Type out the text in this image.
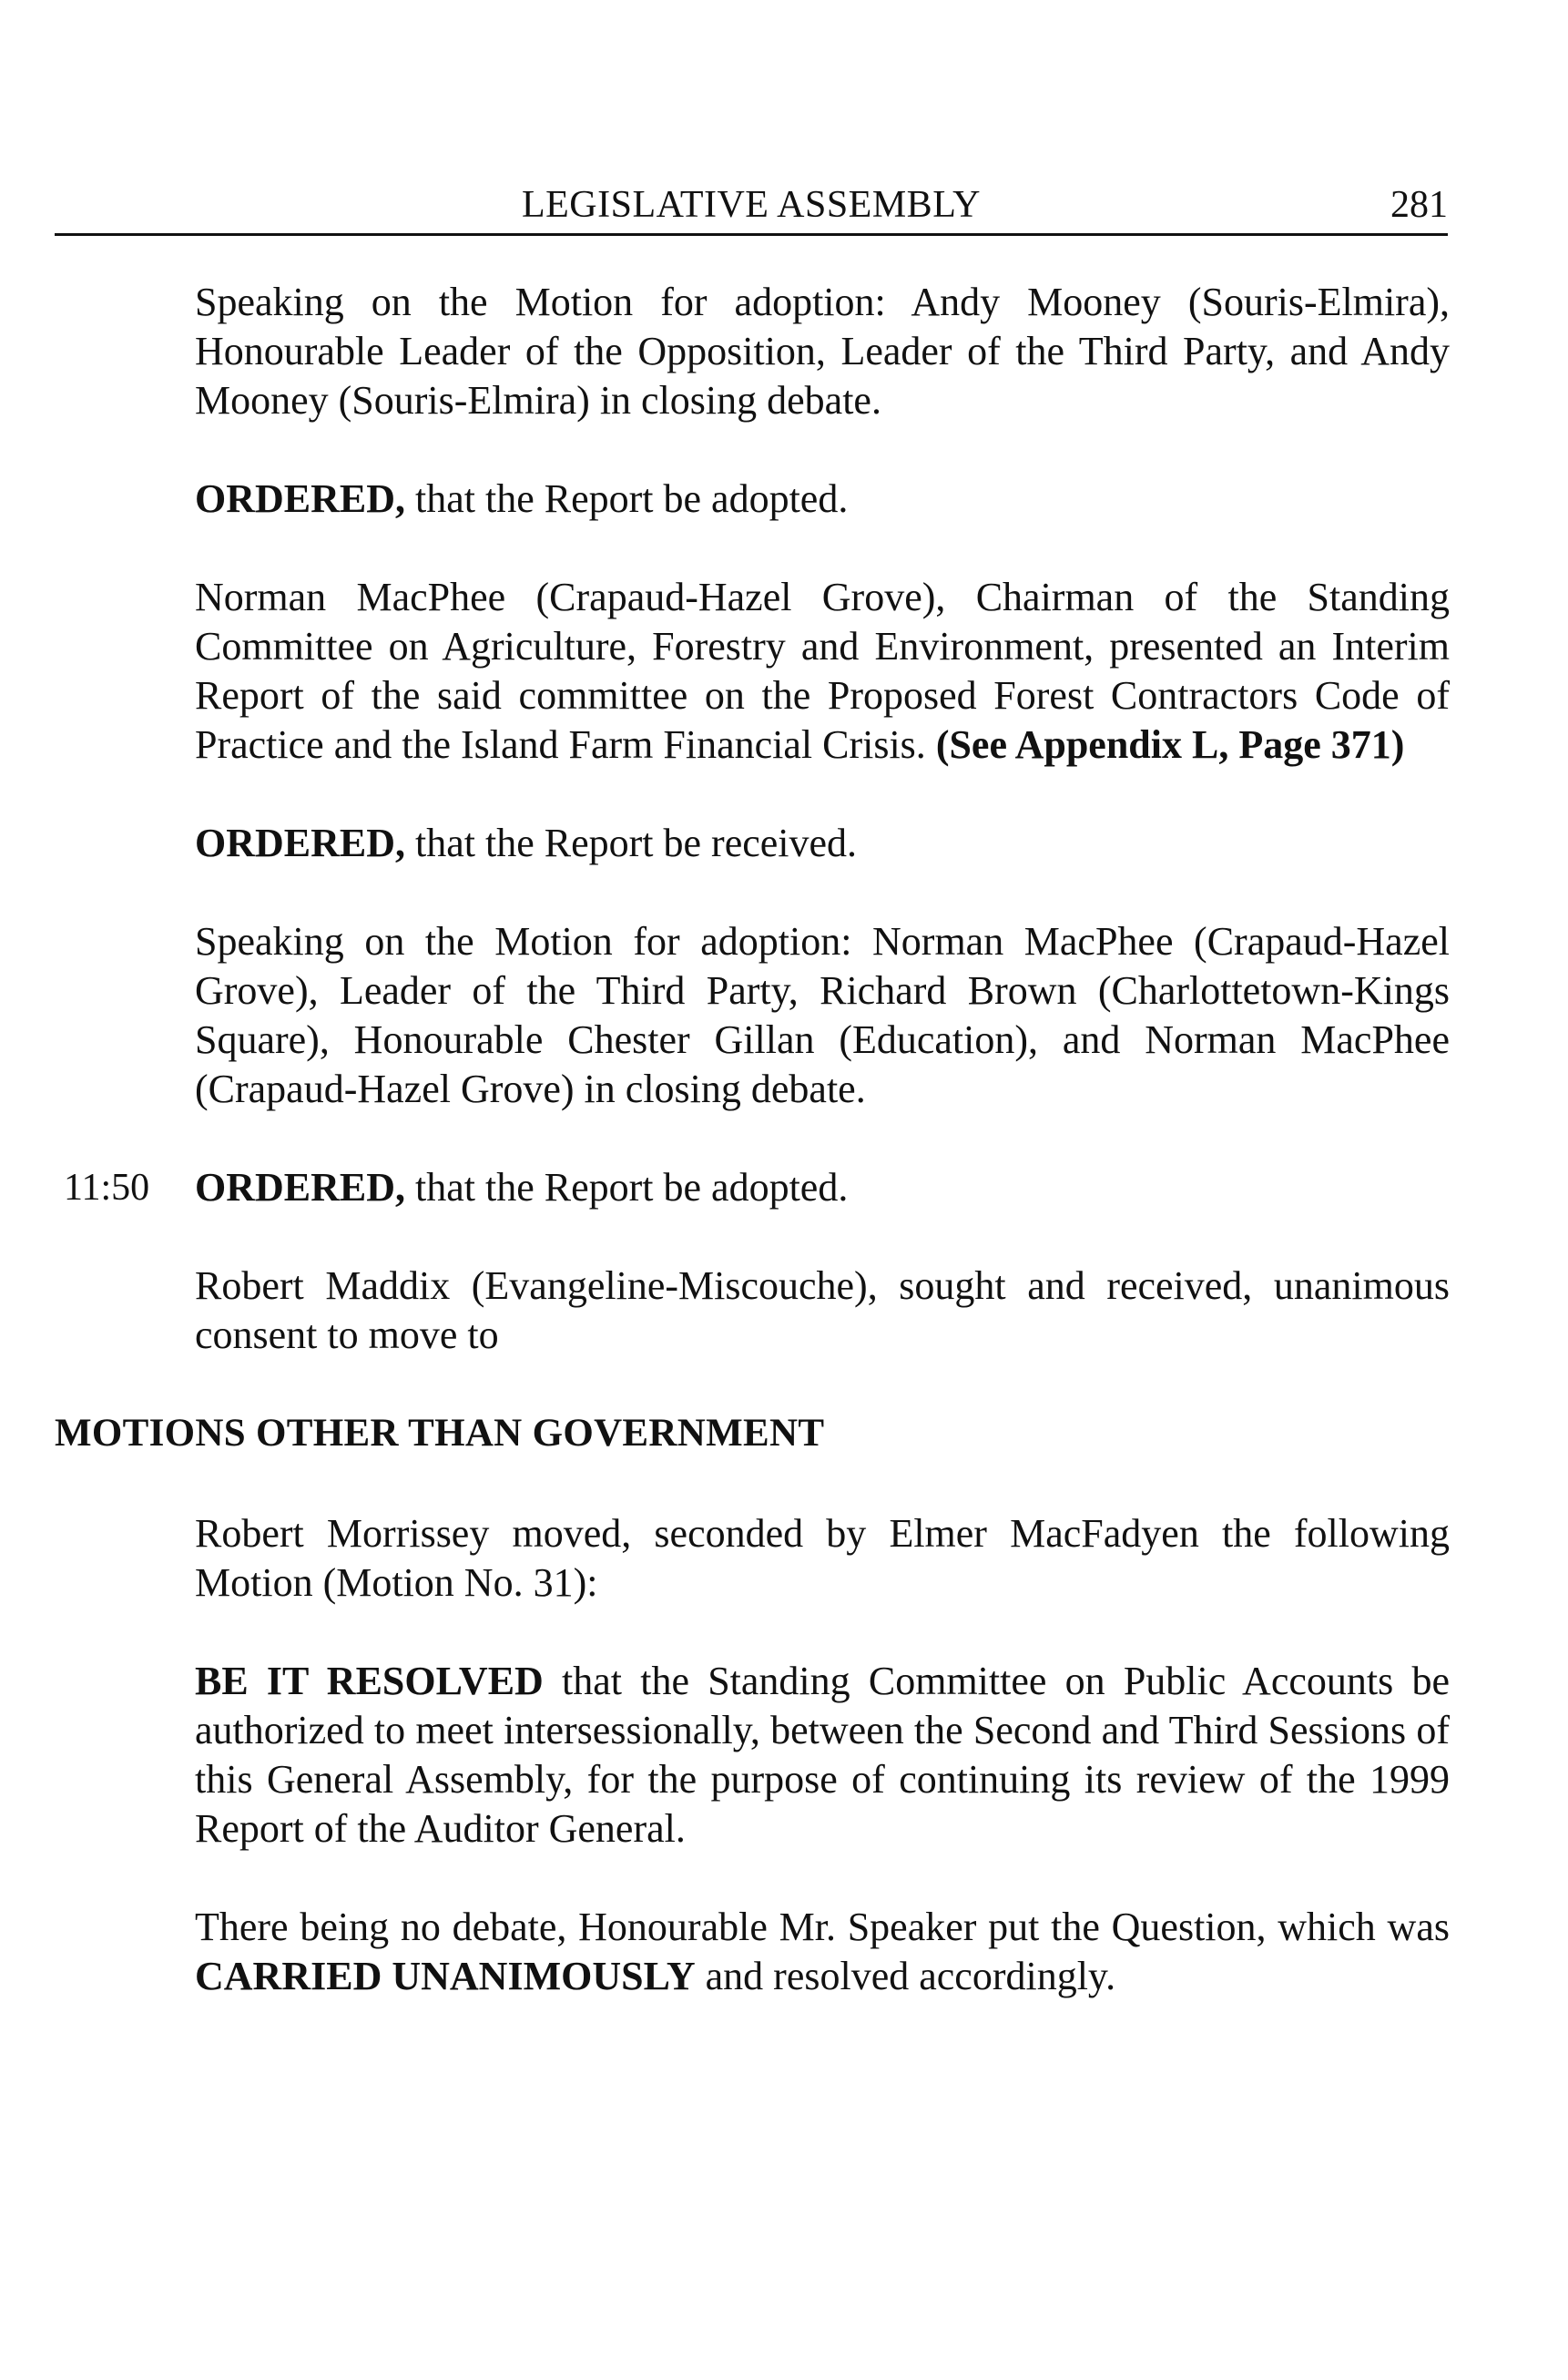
LEGISLATIVE ASSEMBLY	281

Speaking on the Motion for adoption: Andy Mooney (Souris-Elmira), Honourable Leader of the Opposition, Leader of the Third Party, and Andy Mooney (Souris-Elmira) in closing debate.

ORDERED, that the Report be adopted.

Norman MacPhee (Crapaud-Hazel Grove), Chairman of the Standing Committee on Agriculture, Forestry and Environment, presented an Interim Report of the said committee on the Proposed Forest Contractors Code of Practice and the Island Farm Financial Crisis. (See Appendix L, Page 371)

ORDERED, that the Report be received.

Speaking on the Motion for adoption: Norman MacPhee (Crapaud-Hazel Grove), Leader of the Third Party, Richard Brown (Charlottetown-Kings Square), Honourable Chester Gillan (Education), and Norman MacPhee (Crapaud-Hazel Grove) in closing debate.

11:50 ORDERED, that the Report be adopted.

Robert Maddix (Evangeline-Miscouche), sought and received, unanimous consent to move to

MOTIONS OTHER THAN GOVERNMENT

Robert Morrissey moved, seconded by Elmer MacFadyen the following Motion (Motion No. 31):

BE IT RESOLVED that the Standing Committee on Public Accounts be authorized to meet intersessionally, between the Second and Third Sessions of this General Assembly, for the purpose of continuing its review of the 1999 Report of the Auditor General.

There being no debate, Honourable Mr. Speaker put the Question, which was CARRIED UNANIMOUSLY and resolved accordingly.
